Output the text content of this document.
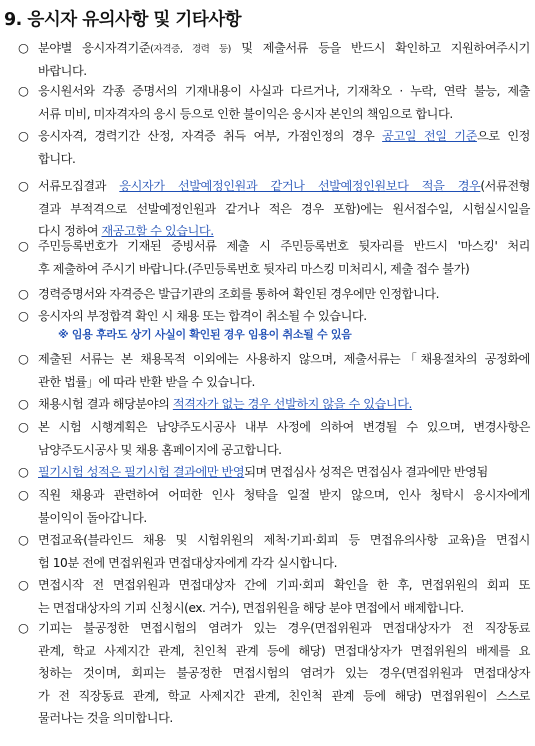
9. 응시자 유의사항 및 기타사항
○ 분야별 응시자격기준(자격증, 경력 등) 및 제출서류 등을 반드시 확인하고 지원하여주시기
바랍니다.
○ 응시원서와 각종 증명서의 기재내용이 사실과 다르거나, 기재착오 · 누락, 연락 불능, 제출
서류 미비, 미자격자의 응시 등으로 인한 불이익은 응시자 본인의 책임으로 합니다.
○ 응시자격, 경력기간 산정, 자격증 취득 여부, 가점인정의 경우 공고일 전일 기준으로 인정
합니다.
○ 서류모집결과 응시자가 선발예정인원과 같거나 선발예정인원보다 적을 경우(서류전형
결과 부적격으로 선발예정인원과 같거나 적은 경우 포함)에는 원서접수일, 시험실시일을
다시 정하여 재공고할 수 있습니다.
○ 주민등록번호가 기재된 증빙서류 제출 시 주민등록번호 뒷자리를 반드시 '마스킹' 처리
후 제출하여 주시기 바랍니다.(주민등록번호 뒷자리 마스킹 미처리시, 제출 접수 불가)
○ 경력증명서와 자격증은 발급기관의 조회를 통하여 확인된 경우에만 인정합니다.
○ 응시자의 부정합격 확인 시 채용 또는 합격이 취소될 수 있습니다.
※ 임용 후라도 상기 사실이 확인된 경우 임용이 취소될 수 있음
○ 제출된 서류는 본 채용목적 이외에는 사용하지 않으며, 제출서류는「채용절차의 공정화에
관한 법률」에 따라 반환 받을 수 있습니다.
○ 채용시험 결과 해당분야의 적격자가 없는 경우 선발하지 않을 수 있습니다.
○ 본 시험 시행계획은 남양주도시공사 내부 사정에 의하여 변경될 수 있으며, 변경사항은
남양주도시공사 및 채용 홈페이지에 공고합니다.
○ 필기시험 성적은 필기시험 결과에만 반영되며 면접심사 성적은 면접심사 결과에만 반영됨
○ 직원 채용과 관련하여 어떠한 인사 청탁을 일절 받지 않으며, 인사 청탁시 응시자에게
불이익이 돌아갑니다.
○ 면접교육(블라인드 채용 및 시험위원의 제척·기피·회피 등 면접유의사항 교육)을 면접시
험 10분 전에 면접위원과 면접대상자에게 각각 실시합니다.
○ 면접시작 전 면접위원과 면접대상자 간에 기피·회피 확인을 한 후, 면접위원의 회피 또
는 면접대상자의 기피 신청시(ex. 거수), 면접위원을 해당 분야 면접에서 배제합니다.
○ 기피는 불공정한 면접시험의 염려가 있는 경우(면접위원과 면접대상자가 전 직장동료
관계, 학교 사제지간 관계, 친인척 관계 등에 해당) 면접대상자가 면접위원의 배제를 요
청하는 것이며, 회피는 불공정한 면접시험의 염려가 있는 경우(면접위원과 면접대상자
가 전 직장동료 관계, 학교 사제지간 관계, 친인척 관계 등에 해당) 면접위원이 스스로
물러나는 것을 의미합니다.
